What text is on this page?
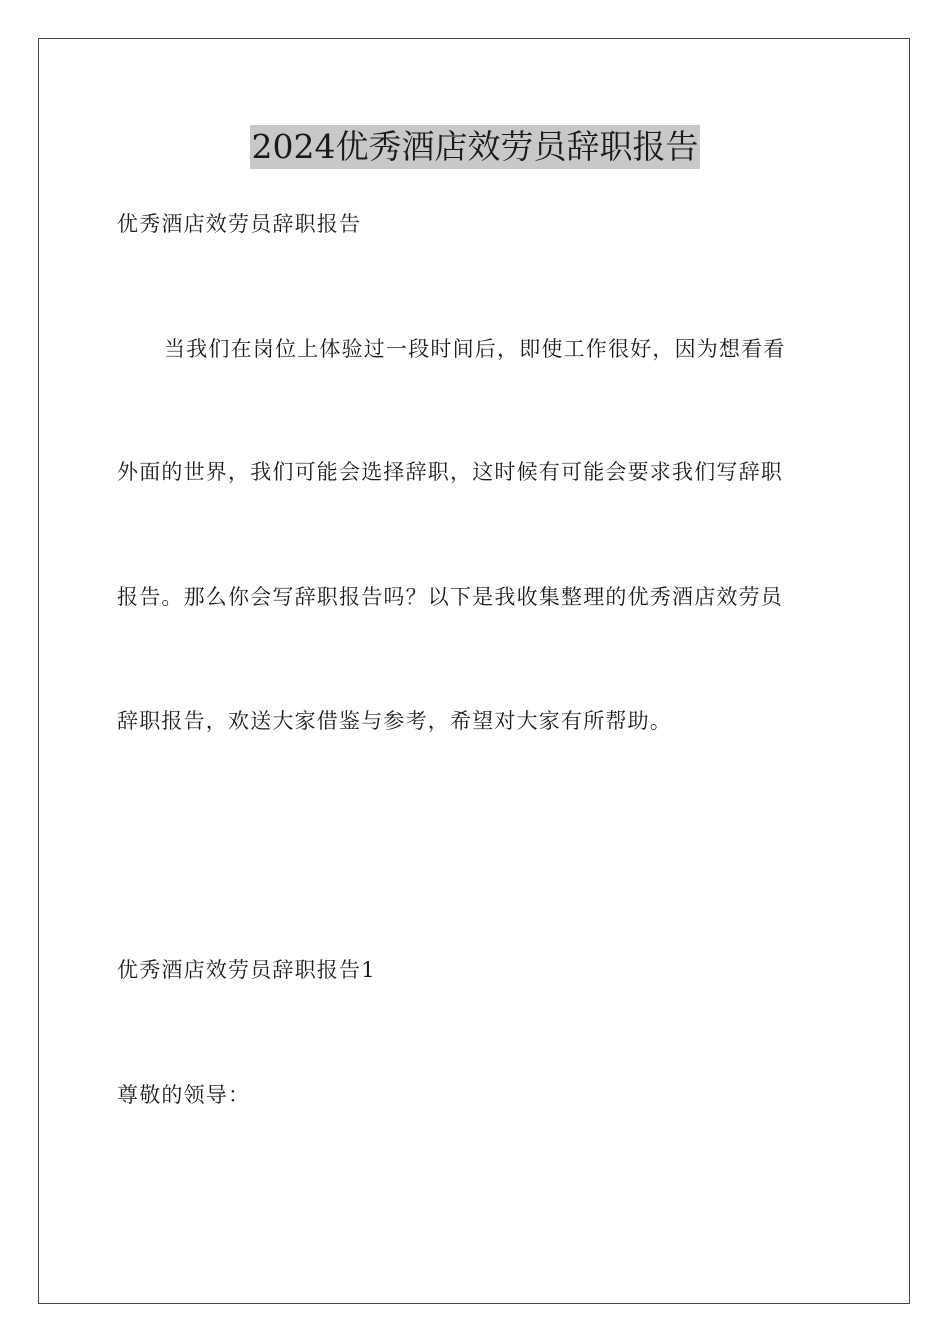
2024优秀酒店效劳员辞职报告
优秀酒店效劳员辞职报告
当我们在岗位上体验过一段时间后，即使工作很好，因为想看看
外面的世界，我们可能会选择辞职，这时候有可能会要求我们写辞职
报告。那么你会写辞职报告吗？以下是我收集整理的优秀酒店效劳员
辞职报告，欢送大家借鉴与参考，希望对大家有所帮助。
优秀酒店效劳员辞职报告1
尊敬的领导：
